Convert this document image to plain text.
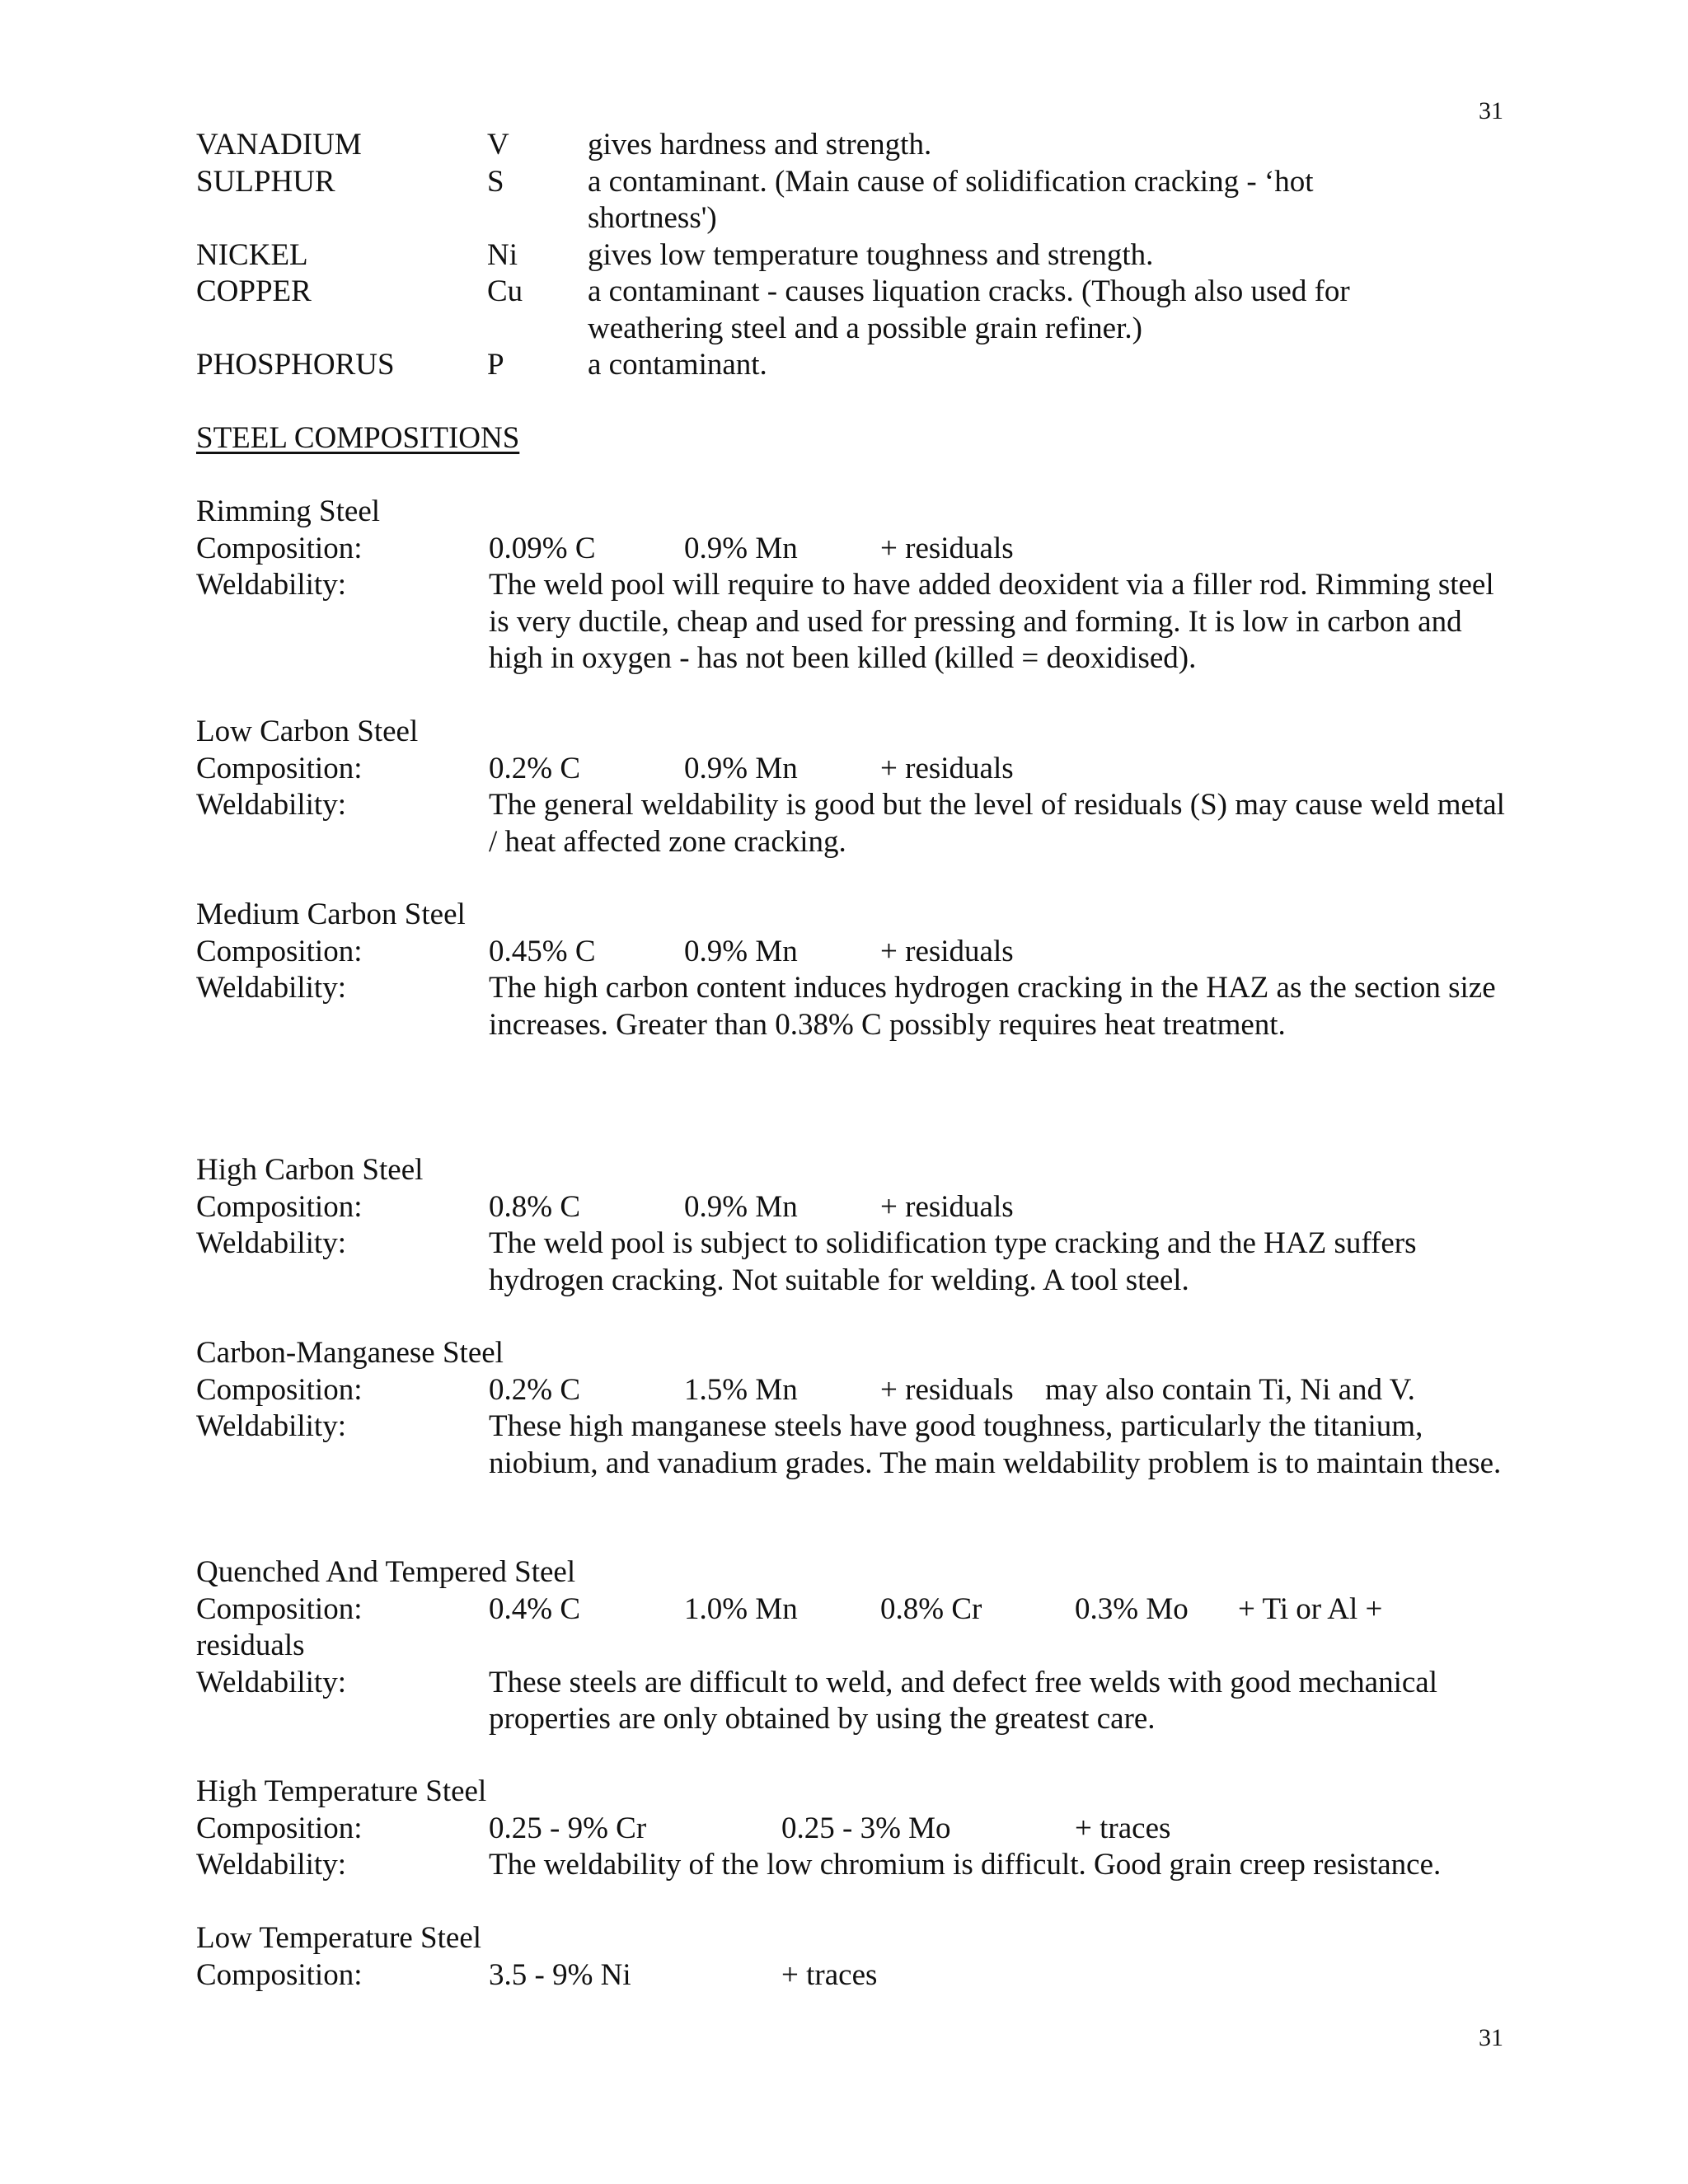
31
VANADIUM	V	gives hardness and strength.
SULPHUR	S	a contaminant. (Main cause of solidification cracking - ‘hot shortness')
NICKEL	Ni gives low temperature toughness and strength.
COPPER	Cu a contaminant - causes liquation cracks. (Though also used for weathering steel and a possible grain refiner.)
PHOSPHORUS	P	a contaminant.
STEEL COMPOSITIONS
Rimming Steel
Composition:	0.09% C	0.9% Mn	+ residuals
Weldability:	The weld pool will require to have added deoxident via a filler rod. Rimming steel is very ductile, cheap and used for pressing and forming. It is low in carbon and high in oxygen - has not been killed (killed = deoxidised).
Low Carbon Steel
Composition:	0.2% C	0.9% Mn	+ residuals
Weldability:	The general weldability is good but the level of residuals (S) may cause weld metal / heat affected zone cracking.
Medium Carbon Steel
Composition:	0.45% C	0.9% Mn	+ residuals
Weldability:	The high carbon content induces hydrogen cracking in the HAZ as the section size increases. Greater than 0.38% C possibly requires heat treatment.
High Carbon Steel
Composition:	0.8% C	0.9% Mn	+ residuals
Weldability:	The weld pool is subject to solidification type cracking and the HAZ suffers hydrogen cracking. Not suitable for welding. A tool steel.
Carbon-Manganese Steel
Composition:	0.2% C	1.5% Mn	+ residuals may also contain Ti, Ni and V.
Weldability:	These high manganese steels have good toughness, particularly the titanium, niobium, and vanadium grades. The main weldability problem is to maintain these.
Quenched And Tempered Steel
Composition:	0.4% C	1.0% Mn	0.8% Cr	0.3% Mo + Ti or Al +
residuals
Weldability:	These steels are difficult to weld, and defect free welds with good mechanical properties are only obtained by using the greatest care.
High Temperature Steel
Composition:	0.25 - 9% Cr	0.25 - 3% Mo	+ traces
Weldability:	The weldability of the low chromium is difficult. Good grain creep resistance.
Low Temperature Steel
Composition:	3.5 - 9% Ni	+ traces
31
